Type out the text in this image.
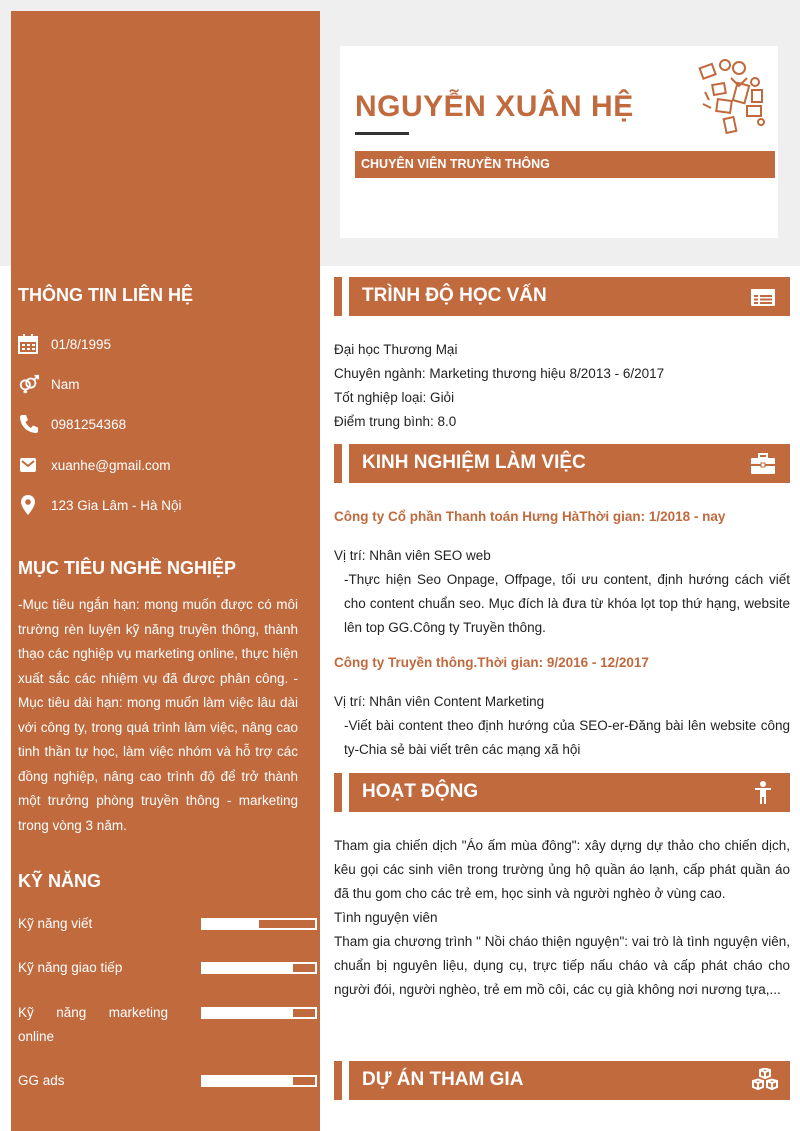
THÔNG TIN LIÊN HỆ
01/8/1995
Nam
0981254368
xuanhe@gmail.com
123 Gia Lâm - Hà Nội
MỤC TIÊU NGHỀ NGHIỆP
-Mục tiêu ngắn hạn: mong muốn được có môi trường rèn luyện kỹ năng truyền thông, thành thạo các nghiệp vụ marketing online, thực hiện xuất sắc các nhiệm vụ đã được phân công. -Mục tiêu dài hạn: mong muốn làm việc lâu dài với công ty, trong quá trình làm việc, nâng cao tinh thần tự học, làm việc nhóm và hỗ trợ các đồng nghiệp, nâng cao trình độ để trở thành một trưởng phòng truyền thông - marketing trong vòng 3 năm.
KỸ NĂNG
Kỹ năng viết
Kỹ năng giao tiếp
Kỹ năng marketing online
GG ads
NGUYỄN XUÂN HỆ
CHUYÊN VIÊN TRUYỀN THÔNG
TRÌNH ĐỘ HỌC VẤN
Đại học Thương Mại
Chuyên ngành: Marketing thương hiệu 8/2013 - 6/2017
Tốt nghiệp loại: Giỏi
Điểm trung bình: 8.0
KINH NGHIỆM LÀM VIỆC
Công ty Cổ phần Thanh toán Hưng HàThời gian: 1/2018 - nay
Vị trí: Nhân viên SEO web
-Thực hiện Seo Onpage, Offpage, tối ưu content, định hướng cách viết cho content chuẩn seo. Mục đích là đưa từ khóa lọt top thứ hạng, website lên top GG.Công ty Truyền thông.
Công ty Truyền thông.Thời gian: 9/2016 - 12/2017
Vị trí: Nhân viên Content Marketing
-Viết bài content theo định hướng của SEO-er-Đăng bài lên website công ty-Chia sẻ bài viết trên các mạng xã hội
HOẠT ĐỘNG
Tham gia chiến dịch "Áo ấm mùa đông": xây dựng dự thảo cho chiến dịch, kêu gọi các sinh viên trong trường ủng hộ quần áo lạnh, cấp phát quần áo đã thu gom cho các trẻ em, học sinh và người nghèo ở vùng cao.
Tình nguyện viên
Tham gia chương trình " Nồi cháo thiện nguyện": vai trò là tình nguyện viên, chuẩn bị nguyên liệu, dụng cụ, trực tiếp nấu cháo và cấp phát cháo cho người đói, người nghèo, trẻ em mồ côi, các cụ già không nơi nương tựa,...
DỰ ÁN THAM GIA
